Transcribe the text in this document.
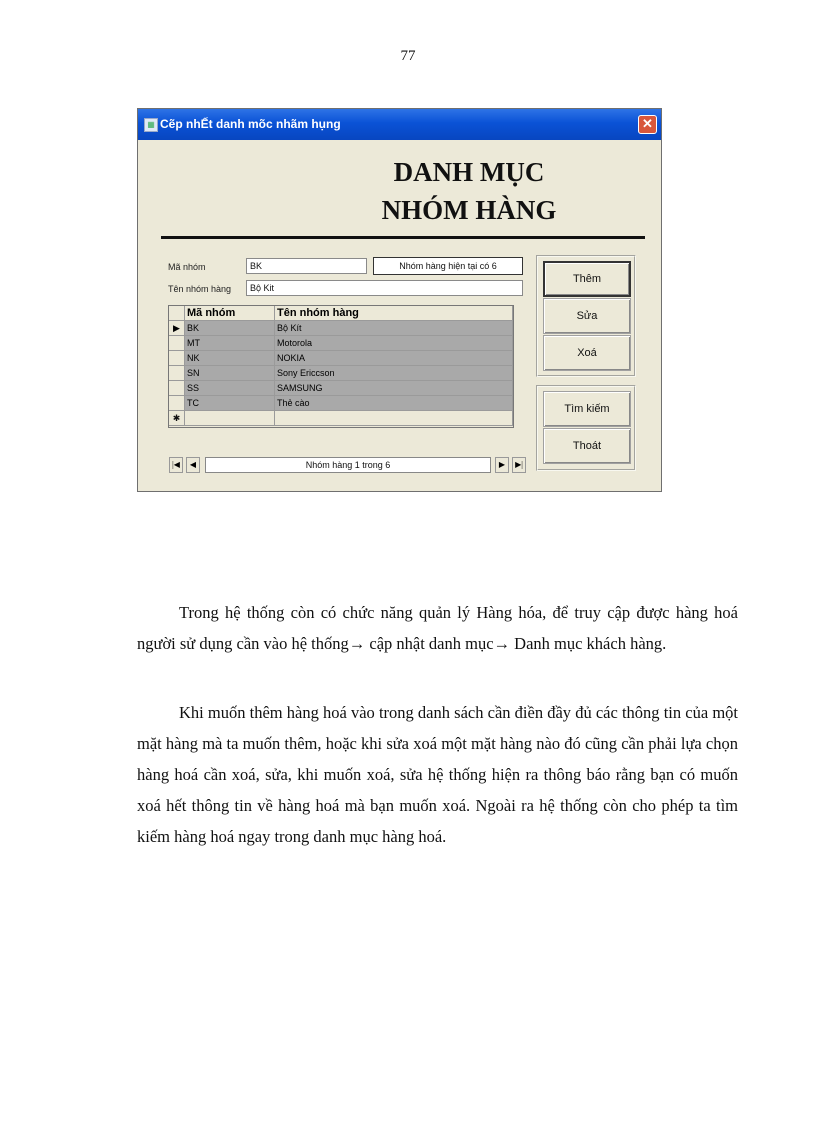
77
▦ Cẽp nhẾt danh mõc nhãm hụng	✕
DANH MỤC
NHÓM HÀNG
Mã nhóm	BK	Nhóm hàng hiện tại có 6
Tên nhóm hàng	Bộ Kit
Mã nhóm	Tên nhóm hàng
▶ BK	Bộ Kít
MT	Motorola
NK	NOKIA
SN	Sony Ericcson
SS	SAMSUNG
TC	Thẻ cào
✱
|◀	◀	Nhóm hàng 1 trong 6	▶	▶|
Thêm
Sửa
Xoá
Tìm kiếm
Thoát

Trong hệ thống còn có chức năng quản lý Hàng hóa, để truy cập được hàng hoá người sử dụng cần vào hệ thống→ cập nhật danh mục→ Danh mục khách hàng.

Khi muốn thêm hàng hoá vào trong danh sách cần điền đầy đủ các thông tin của một mặt hàng mà ta muốn thêm, hoặc khi sửa xoá một mặt hàng nào đó cũng cần phải lựa chọn hàng hoá cần xoá, sửa, khi muốn xoá, sửa hệ thống hiện ra thông báo rằng bạn có muốn xoá hết thông tin về hàng hoá mà bạn muốn xoá. Ngoài ra hệ thống còn cho phép ta tìm kiếm hàng hoá ngay trong danh mục hàng hoá.
